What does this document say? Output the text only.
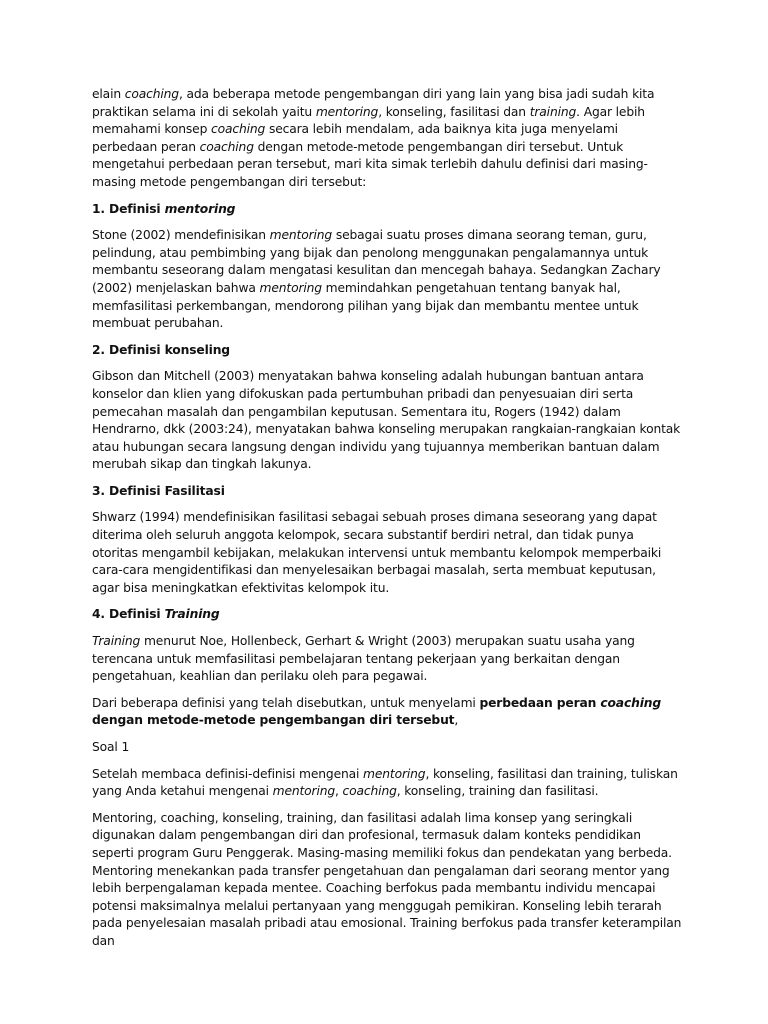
elain coaching, ada beberapa metode pengembangan diri yang lain yang bisa jadi sudah kita praktikan selama ini di sekolah yaitu mentoring, konseling, fasilitasi dan training. Agar lebih memahami konsep coaching secara lebih mendalam, ada baiknya kita juga menyelami perbedaan peran coaching dengan metode-metode pengembangan diri tersebut. Untuk mengetahui perbedaan peran tersebut, mari kita simak terlebih dahulu definisi dari masing-masing metode pengembangan diri tersebut:

1. Definisi mentoring

Stone (2002) mendefinisikan mentoring sebagai suatu proses dimana seorang teman, guru, pelindung, atau pembimbing yang bijak dan penolong menggunakan pengalamannya untuk membantu seseorang dalam mengatasi kesulitan dan mencegah bahaya. Sedangkan Zachary (2002) menjelaskan bahwa mentoring memindahkan pengetahuan tentang banyak hal, memfasilitasi perkembangan, mendorong pilihan yang bijak dan membantu mentee untuk membuat perubahan.

2. Definisi konseling

Gibson dan Mitchell (2003) menyatakan bahwa konseling adalah hubungan bantuan antara konselor dan klien yang difokuskan pada pertumbuhan pribadi dan penyesuaian diri serta pemecahan masalah dan pengambilan keputusan. Sementara itu, Rogers (1942) dalam Hendrarno, dkk (2003:24), menyatakan bahwa konseling merupakan rangkaian-rangkaian kontak atau hubungan secara langsung dengan individu yang tujuannya memberikan bantuan dalam merubah sikap dan tingkah lakunya.

3. Definisi Fasilitasi

Shwarz (1994) mendefinisikan fasilitasi sebagai sebuah proses dimana seseorang yang dapat diterima oleh seluruh anggota kelompok, secara substantif berdiri netral, dan tidak punya otoritas mengambil kebijakan, melakukan intervensi untuk membantu kelompok memperbaiki cara-cara mengidentifikasi dan menyelesaikan berbagai masalah, serta membuat keputusan, agar bisa meningkatkan efektivitas kelompok itu.

4. Definisi Training

Training menurut Noe, Hollenbeck, Gerhart & Wright (2003) merupakan suatu usaha yang terencana untuk memfasilitasi pembelajaran tentang pekerjaan yang berkaitan dengan pengetahuan, keahlian dan perilaku oleh para pegawai.

Dari beberapa definisi yang telah disebutkan, untuk menyelami perbedaan peran coaching dengan metode-metode pengembangan diri tersebut,

Soal 1

Setelah membaca definisi-definisi mengenai mentoring, konseling, fasilitasi dan training, tuliskan yang Anda ketahui mengenai mentoring, coaching, konseling, training dan fasilitasi.

Mentoring, coaching, konseling, training, dan fasilitasi adalah lima konsep yang seringkali digunakan dalam pengembangan diri dan profesional, termasuk dalam konteks pendidikan seperti program Guru Penggerak. Masing-masing memiliki fokus dan pendekatan yang berbeda. Mentoring menekankan pada transfer pengetahuan dan pengalaman dari seorang mentor yang lebih berpengalaman kepada mentee. Coaching berfokus pada membantu individu mencapai potensi maksimalnya melalui pertanyaan yang menggugah pemikiran. Konseling lebih terarah pada penyelesaian masalah pribadi atau emosional. Training berfokus pada transfer keterampilan dan
